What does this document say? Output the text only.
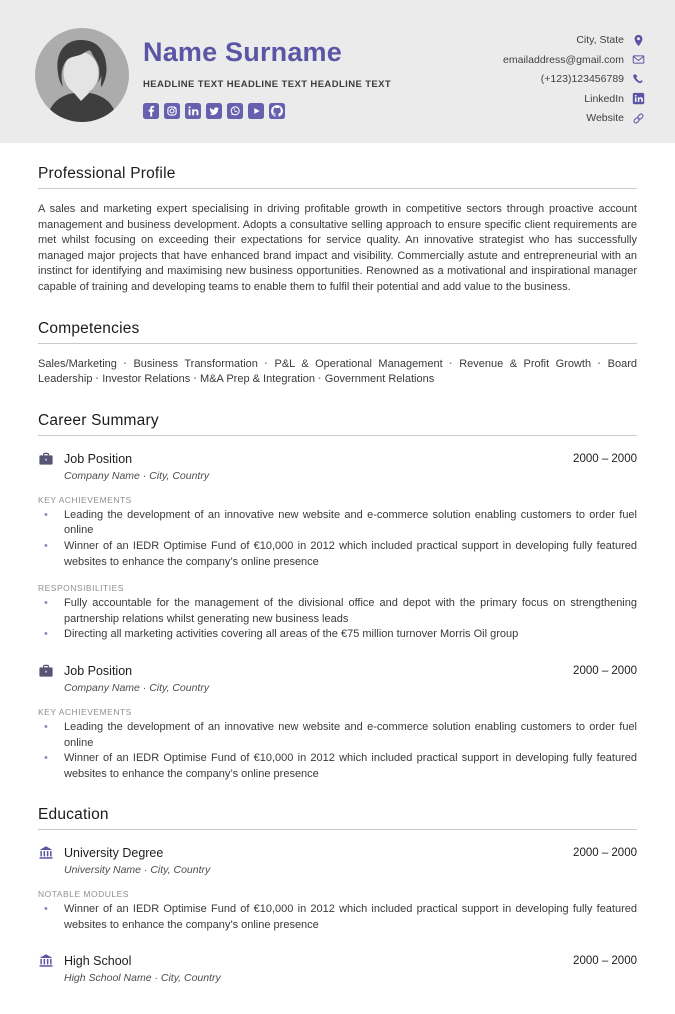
Name Surname
HEADLINE TEXT HEADLINE TEXT HEADLINE TEXT
City, State
emailaddress@gmail.com
(+123)123456789
LinkedIn
Website
Professional Profile

A sales and marketing expert specialising in driving profitable growth in competitive sectors through proactive account management and business development. Adopts a consultative selling approach to ensure specific client requirements are met whilst focusing on exceeding their expectations for service quality. An innovative strategist who has successfully managed major projects that have enhanced brand impact and visibility. Commercially astute and entrepreneurial with an instinct for identifying and maximising new business opportunities. Renowned as a motivational and inspirational manager capable of training and developing teams to enable them to fulfil their potential and add value to the business.

Competencies

Sales/Marketing · Business Transformation · P&L & Operational Management · Revenue & Profit Growth · Board Leadership · Investor Relations · M&A Prep & Integration · Government Relations

Career Summary
Job Position	2000 – 2000
Company Name · City, Country
KEY ACHIEVEMENTS
• Leading the development of an innovative new website and e-commerce solution enabling customers to order fuel online
• Winner of an IEDR Optimise Fund of €10,000 in 2012 which included practical support in developing fully featured websites to enhance the company’s online presence
RESPONSIBILITIES
• Fully accountable for the management of the divisional office and depot with the primary focus on strengthening partnership relations whilst generating new business leads
• Directing all marketing activities covering all areas of the €75 million turnover Morris Oil group
Job Position	2000 – 2000
Company Name · City, Country
KEY ACHIEVEMENTS
• Leading the development of an innovative new website and e-commerce solution enabling customers to order fuel online
• Winner of an IEDR Optimise Fund of €10,000 in 2012 which included practical support in developing fully featured websites to enhance the company’s online presence
Education
University Degree	2000 – 2000
University Name · City, Country
NOTABLE MODULES
• Winner of an IEDR Optimise Fund of €10,000 in 2012 which included practical support in developing fully featured websites to enhance the company’s online presence
High School	2000 – 2000
High School Name · City, Country
